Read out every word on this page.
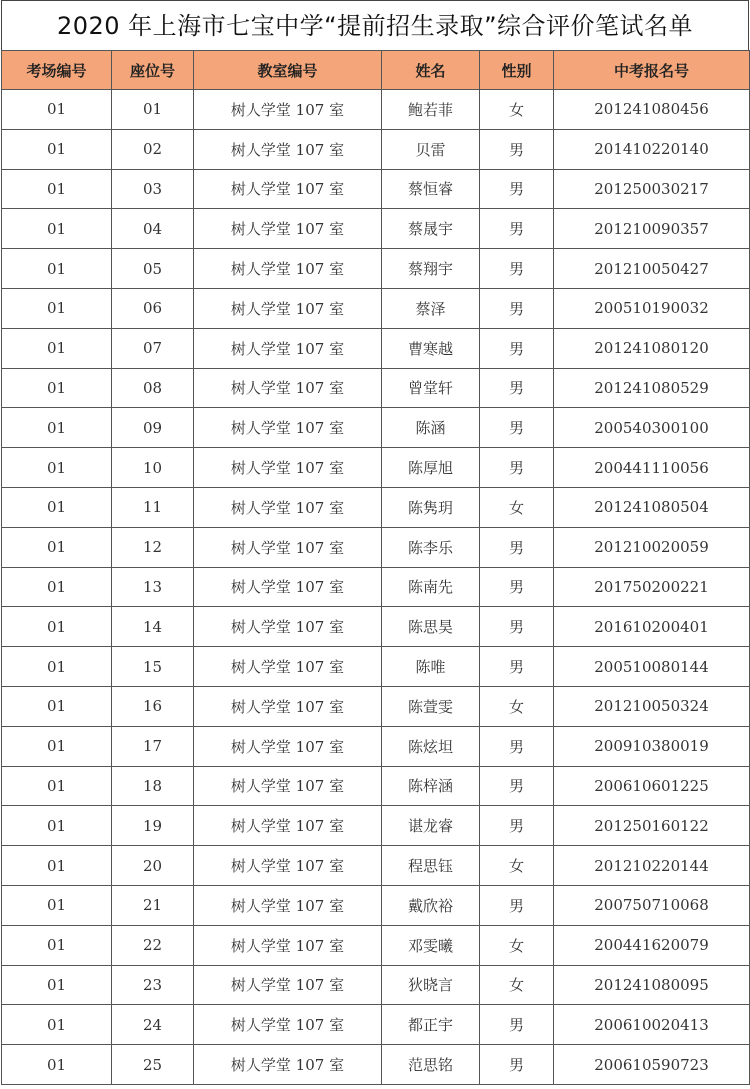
2020 年上海市七宝中学“提前招生录取”综合评价笔试名单
考场编号	座位号	教室编号	姓名	性别	中考报名号
01	01	树人学堂 107 室	鲍若菲	女	201241080456
01	02	树人学堂 107 室	贝雷	男	201410220140
01	03	树人学堂 107 室	蔡恒睿	男	201250030217
01	04	树人学堂 107 室	蔡晟宇	男	201210090357
01	05	树人学堂 107 室	蔡翔宇	男	201210050427
01	06	树人学堂 107 室	蔡泽	男	200510190032
01	07	树人学堂 107 室	曹寒越	男	201241080120
01	08	树人学堂 107 室	曾堂轩	男	201241080529
01	09	树人学堂 107 室	陈涵	男	200540300100
01	10	树人学堂 107 室	陈厚旭	男	200441110056
01	11	树人学堂 107 室	陈隽玥	女	201241080504
01	12	树人学堂 107 室	陈李乐	男	201210020059
01	13	树人学堂 107 室	陈南先	男	201750200221
01	14	树人学堂 107 室	陈思昊	男	201610200401
01	15	树人学堂 107 室	陈唯	男	200510080144
01	16	树人学堂 107 室	陈萱雯	女	201210050324
01	17	树人学堂 107 室	陈炫坦	男	200910380019
01	18	树人学堂 107 室	陈梓涵	男	200610601225
01	19	树人学堂 107 室	谌龙睿	男	201250160122
01	20	树人学堂 107 室	程思钰	女	201210220144
01	21	树人学堂 107 室	戴欣裕	男	200750710068
01	22	树人学堂 107 室	邓雯曦	女	200441620079
01	23	树人学堂 107 室	狄晓言	女	201241080095
01	24	树人学堂 107 室	都正宇	男	200610020413
01	25	树人学堂 107 室	范思铭	男	200610590723
